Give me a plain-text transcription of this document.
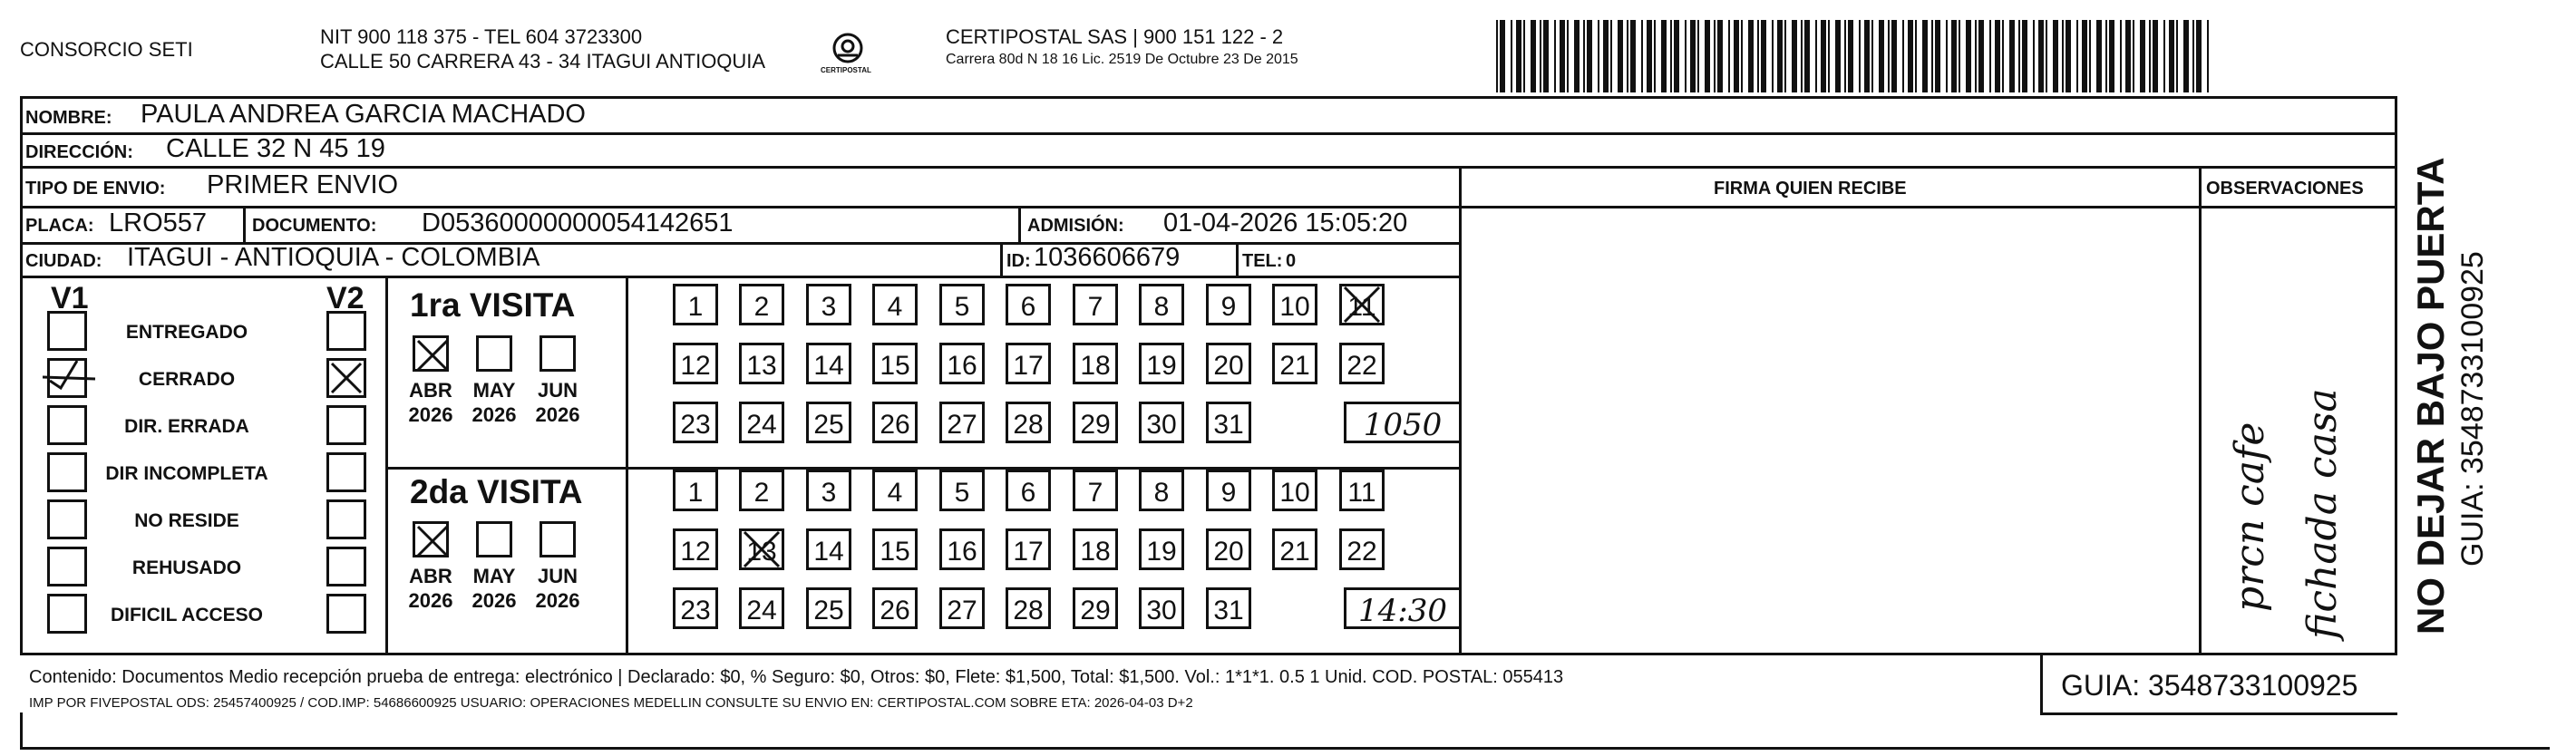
CONSORCIO SETI
NIT 900 118 375 - TEL 604 3723300
CALLE 50 CARRERA 43 - 34 ITAGUI ANTIOQUIA	CERTIPOSTAL
CERTIPOSTAL SAS | 900 151 122 - 2
Carrera 80d N 18 16 Lic. 2519 De Octubre 23 De 2015
NOMBRE: PAULA ANDREA GARCIA MACHADO
DIRECCIÓN: CALLE 32 N 45 19
TIPO DE ENVIO: PRIMER ENVIO
PLACA: LRO557 DOCUMENTO: D05360000000054142651	ADMISIÓN: 01-04-2026 15:05:20
CIUDAD: ITAGUI - ANTIOQUIA - COLOMBIA	ID: 1036606679	TEL: 0
FIRMA QUIEN RECIBE	OBSERVACIONES
prcn cafe fichada casa
V1	V2
ENTREGADO
CERRADO
DIR. ERRADA
DIR INCOMPLETA
NO RESIDE
REHUSADO
DIFICIL ACCESO
1ra VISITA
2da VISITA
ABR
2026
MAY
2026
JUN
2026
ABR
2026
MAY
2026
JUN
2026
1	2	3	4	5	6	7	8	9	10	11
12 13 14 15 16 17 18 19 20 21 22
23 24 25 26 27 28 29 30 31	1050
1	2	3	4	5	6	7	8	9	10	11
12 13 14 15 16 17 18 19 20 21 22
23 24 25 26 27 28 29 30 31	14:30
Contenido: Documentos Medio recepción prueba de entrega: electrónico | Declarado: $0, % Seguro: $0, Otros: $0, Flete: $1,500, Total: $1,500. Vol.: 1*1*1. 0.5 1 Unid. COD. POSTAL: 055413
IMP POR FIVEPOSTAL ODS: 25457400925 / COD.IMP: 54686600925 USUARIO: OPERACIONES MEDELLIN CONSULTE SU ENVIO EN: CERTIPOSTAL.COM SOBRE ETA: 2026-04-03 D+2
GUIA: 3548733100925
NO DEJAR BAJO PUERTA GUIA: 3548733100925
